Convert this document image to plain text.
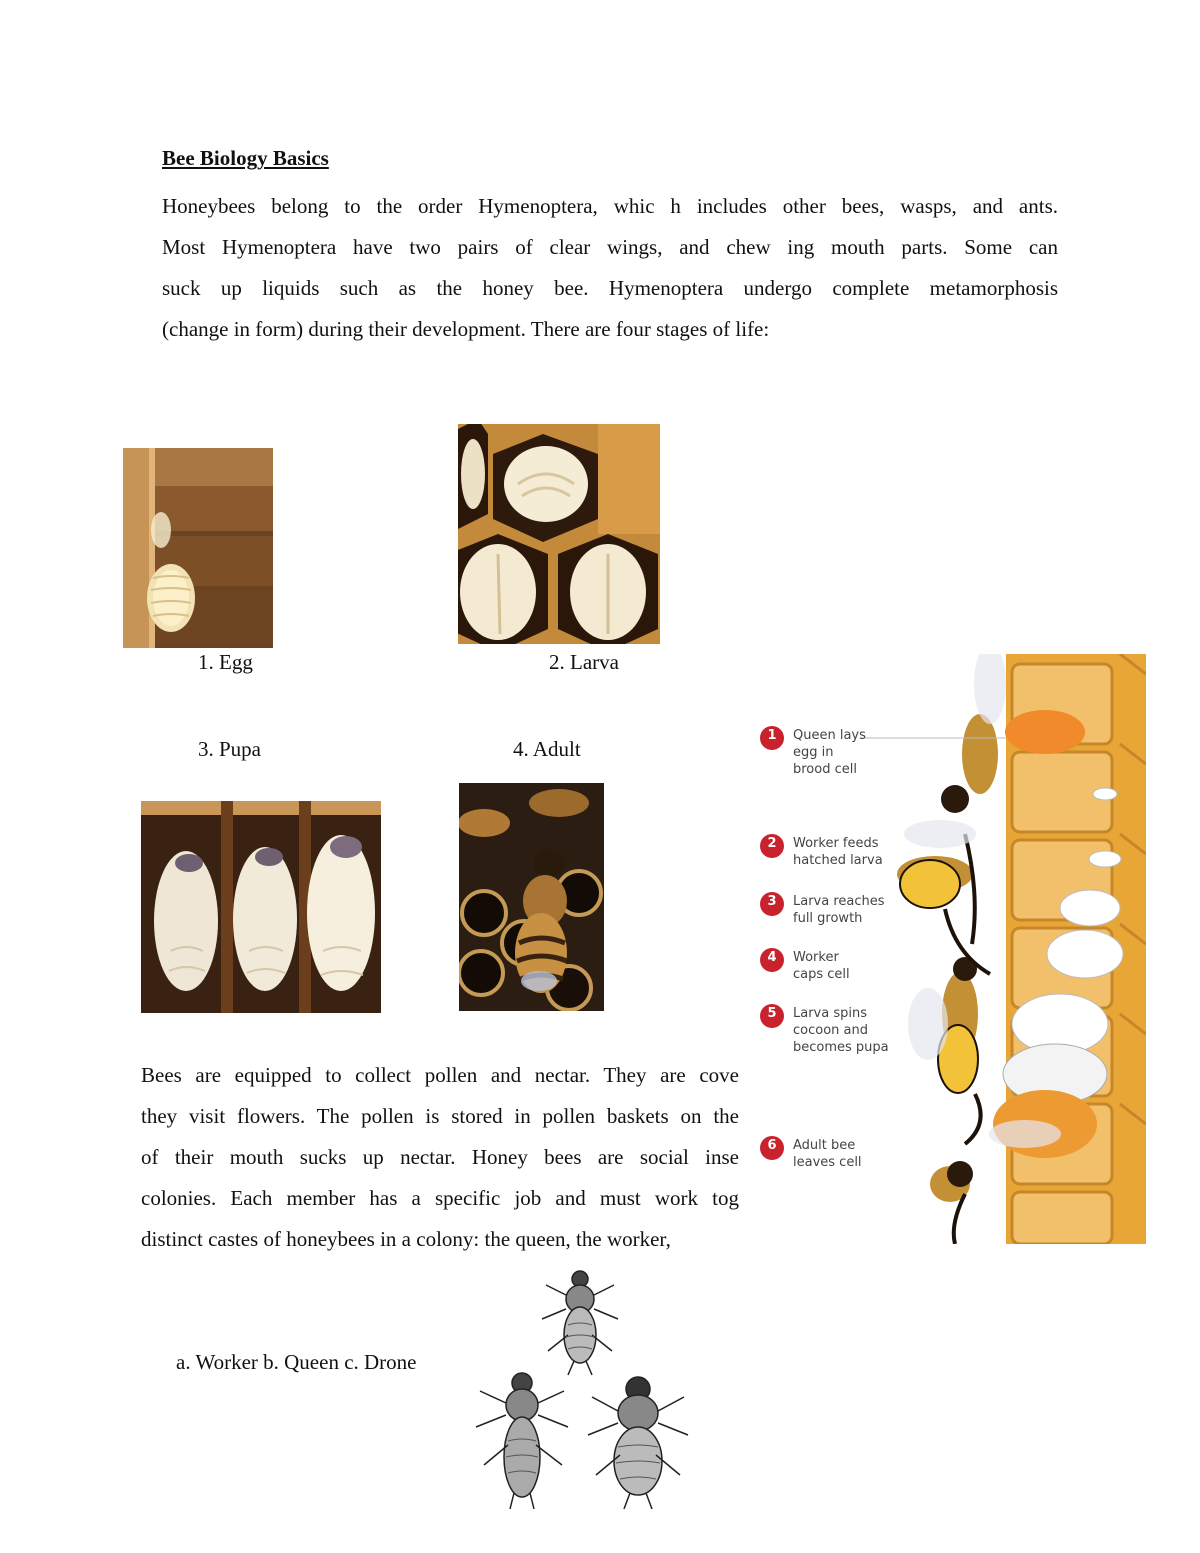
Bee Biology Basics
Honeybees belong to the order Hymenoptera, whic h includes other bees, wasps, and ants.
Most Hymenoptera have two pairs of clear wings, and chew ing mouth parts. Some can
suck up liquids such as the honey bee. Hymenoptera undergo complete metamorphosis
(change in form) during their development. There are four stages of life:
1. Egg	2. Larva
3. Pupa	4. Adult
1 Queen lays
egg in
brood cell
2 Worker feeds
hatched larva
3 Larva reaches
full growth
4 Worker
caps cell
5 Larva spins
cocoon and
becomes pupa
6 Adult bee
leaves cell
Bees are equipped to collect pollen and nectar. They are cove
they visit flowers. The pollen is stored in pollen baskets on the
of their mouth sucks up nectar. Honey bees are social inse
colonies. Each member has a specific job and must work tog
distinct castes of honeybees in a colony: the queen, the worker,
a. Worker b. Queen c. Drone
